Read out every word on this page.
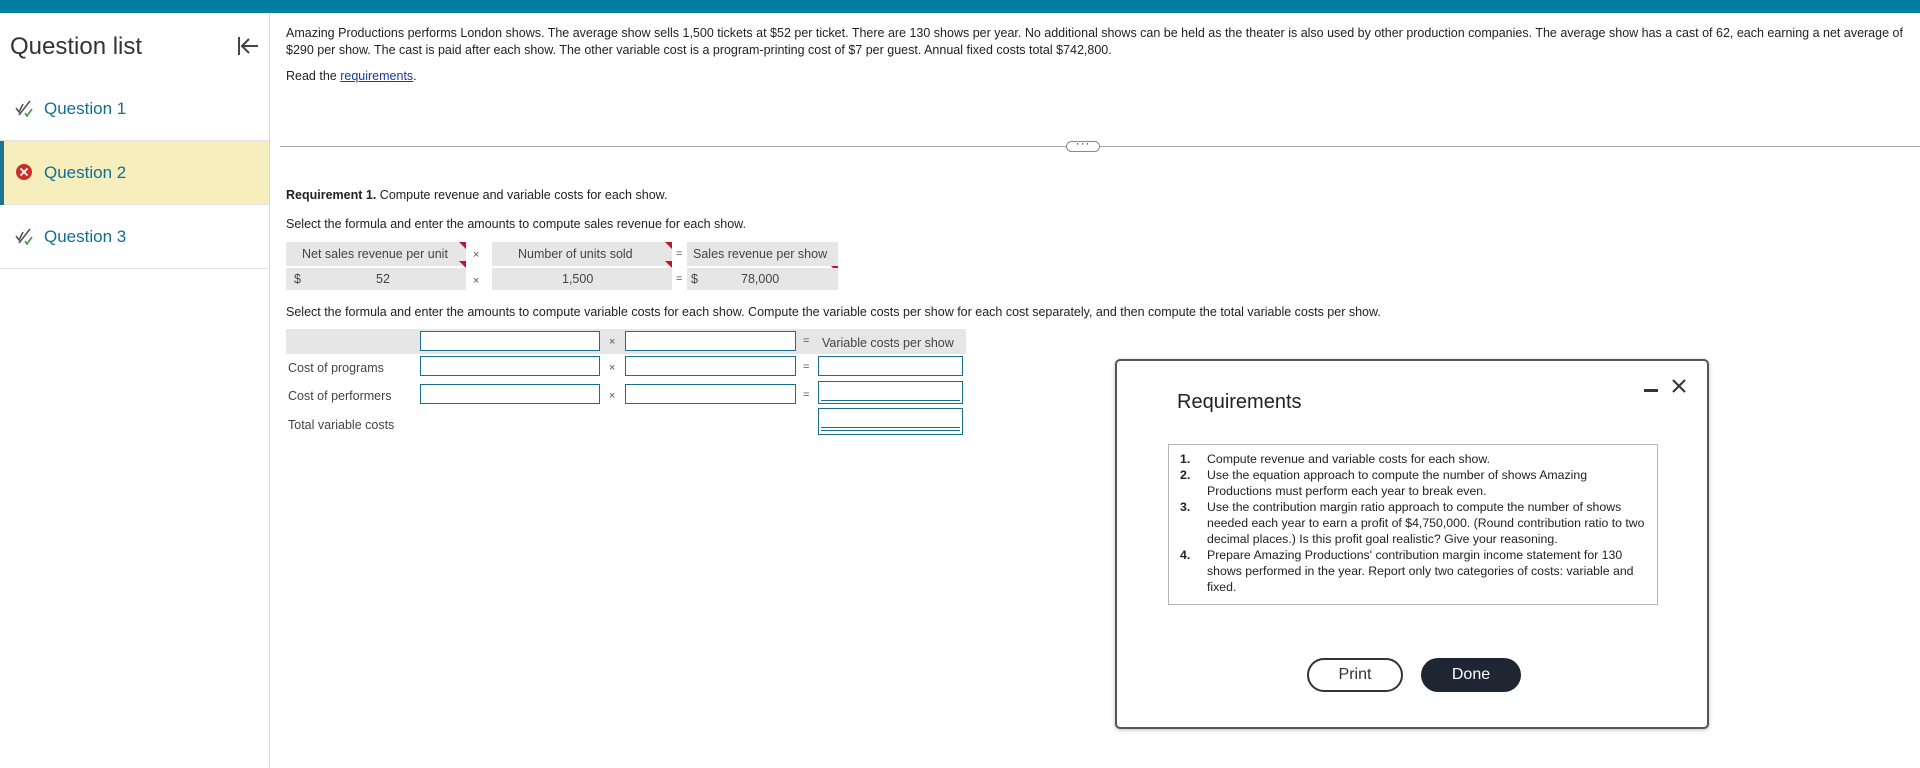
Question list
Question 1
Question 2
Question 3
Amazing Productions performs London shows. The average show sells 1,500 tickets at $52 per ticket. There are 130 shows per year. No additional shows can be held as the theater is also used by other production companies. The average show has a cast of 62, each earning a net average of $290 per show. The cast is paid after each show. The other variable cost is a program-printing cost of $7 per guest. Annual fixed costs total $742,800.
Read the requirements.
···
Requirement 1. Compute revenue and variable costs for each show.
Select the formula and enter the amounts to compute sales revenue for each show.
Net sales revenue per unit ×	Number of units sold	= Sales revenue per show
$	52	×	1,500	= $	78,000
Select the formula and enter the amounts to compute variable costs for each show. Compute the variable costs per show for each cost separately, and then compute the total variable costs per show.
×	= Variable costs per show
Cost of programs	×	=
Cost of performers	×	=
Total variable costs
Requirements
1. Compute revenue and variable costs for each show.
2. Use the equation approach to compute the number of shows Amazing Productions must perform each year to break even.
3. Use the contribution margin ratio approach to compute the number of shows needed each year to earn a profit of $4,750,000. (Round contribution ratio to two decimal places.) Is this profit goal realistic? Give your reasoning.
4. Prepare Amazing Productions' contribution margin income statement for 130 shows performed in the year. Report only two categories of costs: variable and fixed.
Print	Done
